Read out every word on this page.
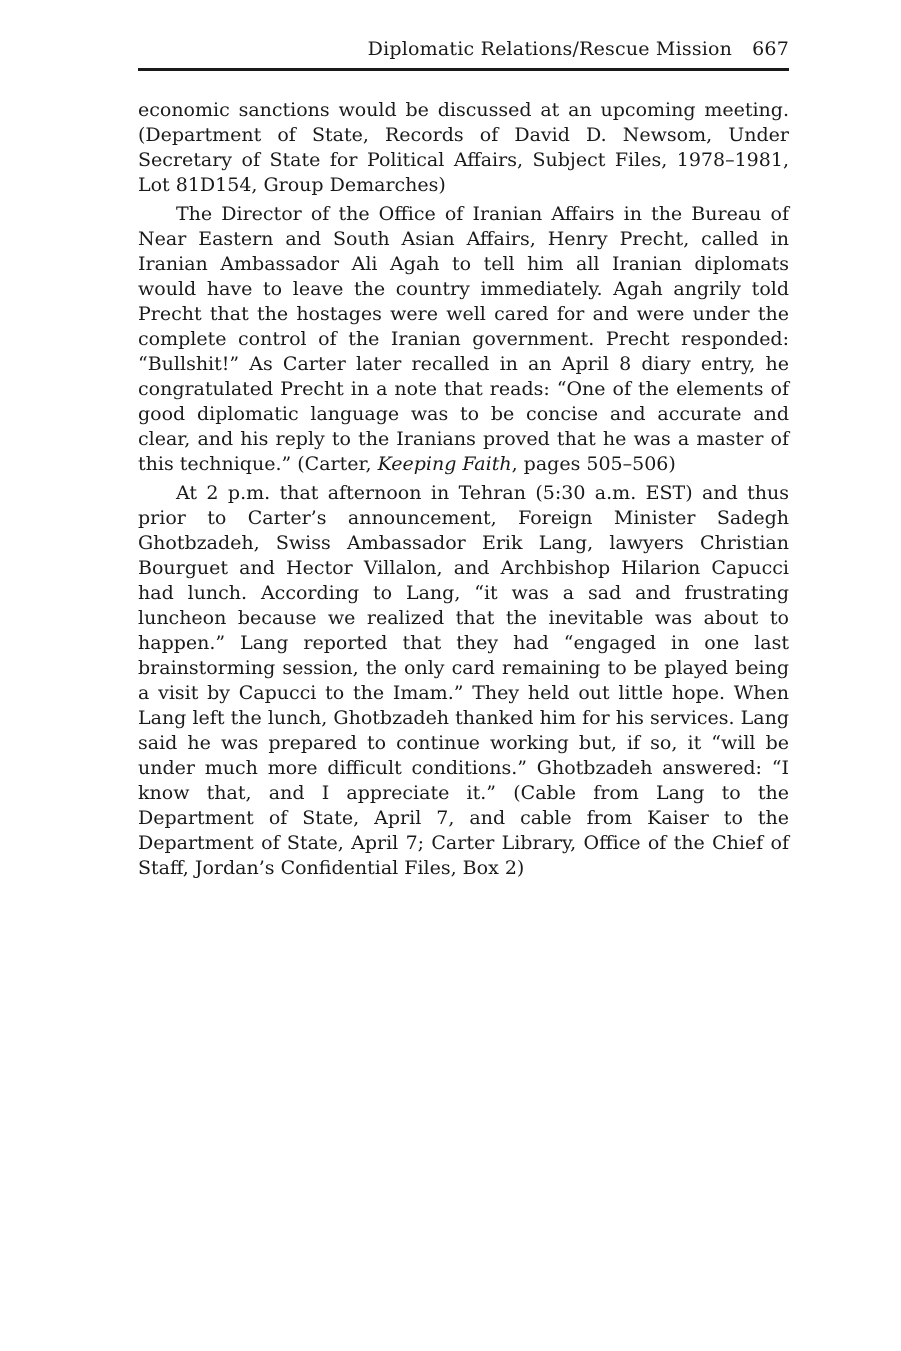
Diplomatic Relations/Rescue Mission 667

economic sanctions would be discussed at an upcoming meeting. (Department of State, Records of David D. Newsom, Under Secretary of State for Political Affairs, Subject Files, 1978–1981, Lot 81D154, Group Demarches)

The Director of the Office of Iranian Affairs in the Bureau of Near Eastern and South Asian Affairs, Henry Precht, called in Iranian Ambassador Ali Agah to tell him all Iranian diplomats would have to leave the country immediately. Agah angrily told Precht that the hostages were well cared for and were under the complete control of the Iranian government. Precht responded: “Bullshit!” As Carter later recalled in an April 8 diary entry, he congratulated Precht in a note that reads: “One of the elements of good diplomatic language was to be concise and accurate and clear, and his reply to the Iranians proved that he was a master of this technique.” (Carter, Keeping Faith, pages 505–506)

At 2 p.m. that afternoon in Tehran (5:30 a.m. EST) and thus prior to Carter’s announcement, Foreign Minister Sadegh Ghotbzadeh, Swiss Ambassador Erik Lang, lawyers Christian Bourguet and Hector Villalon, and Archbishop Hilarion Capucci had lunch. According to Lang, “it was a sad and frustrating luncheon because we realized that the inevitable was about to happen.” Lang reported that they had “engaged in one last brainstorming session, the only card remaining to be played being a visit by Capucci to the Imam.” They held out little hope. When Lang left the lunch, Ghotbzadeh thanked him for his services. Lang said he was prepared to continue working but, if so, it “will be under much more difficult conditions.” Ghotbzadeh answered: “I know that, and I appreciate it.” (Cable from Lang to the Department of State, April 7, and cable from Kaiser to the Department of State, April 7; Carter Library, Office of the Chief of Staff, Jordan’s Confidential Files, Box 2)
